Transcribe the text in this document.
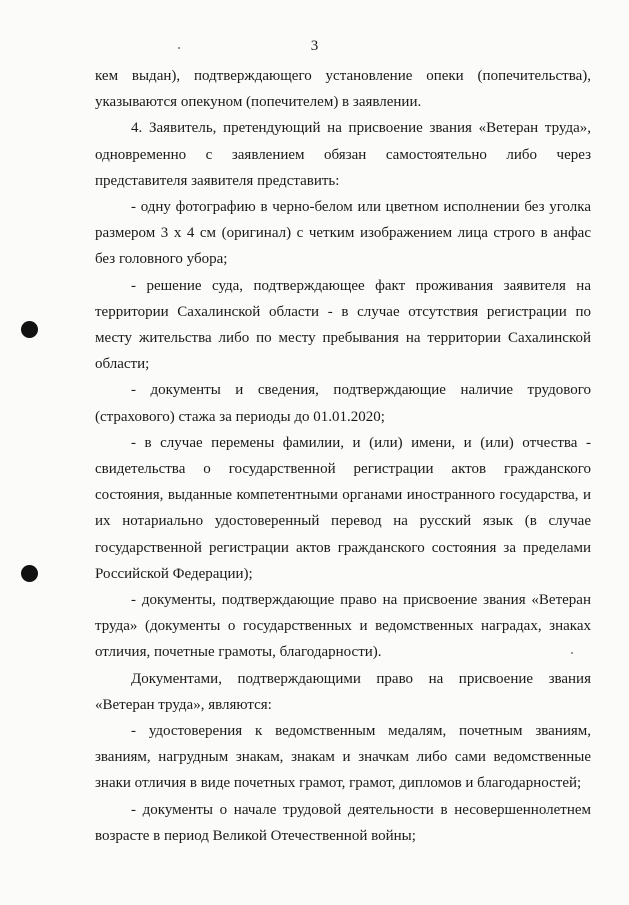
3

кем выдан), подтверждающего установление опеки (попечительства), указываются опекуном (попечителем) в заявлении.

4. Заявитель, претендующий на присвоение звания «Ветеран труда», одновременно с заявлением обязан самостоятельно либо через представителя заявителя представить:

- одну фотографию в черно-белом или цветном исполнении без уголка размером 3 х 4 см (оригинал) с четким изображением лица строго в анфас без головного убора;

- решение суда, подтверждающее факт проживания заявителя на территории Сахалинской области - в случае отсутствия регистрации по месту жительства либо по месту пребывания на территории Сахалинской области;

- документы и сведения, подтверждающие наличие трудового (страхового) стажа за периоды до 01.01.2020;

- в случае перемены фамилии, и (или) имени, и (или) отчества - свидетельства о государственной регистрации актов гражданского состояния, выданные компетентными органами иностранного государства, и их нотариально удостоверенный перевод на русский язык (в случае государственной регистрации актов гражданского состояния за пределами Российской Федерации);

- документы, подтверждающие право на присвоение звания «Ветеран труда» (документы о государственных и ведомственных наградах, знаках отличия, почетные грамоты, благодарности).

Документами, подтверждающими право на присвоение звания «Ветеран труда», являются:

- удостоверения к ведомственным медалям, почетным званиям, званиям, нагрудным знакам, знакам и значкам либо сами ведомственные знаки отличия в виде почетных грамот, грамот, дипломов и благодарностей;

- документы о начале трудовой деятельности в несовершеннолетнем возрасте в период Великой Отечественной войны;
